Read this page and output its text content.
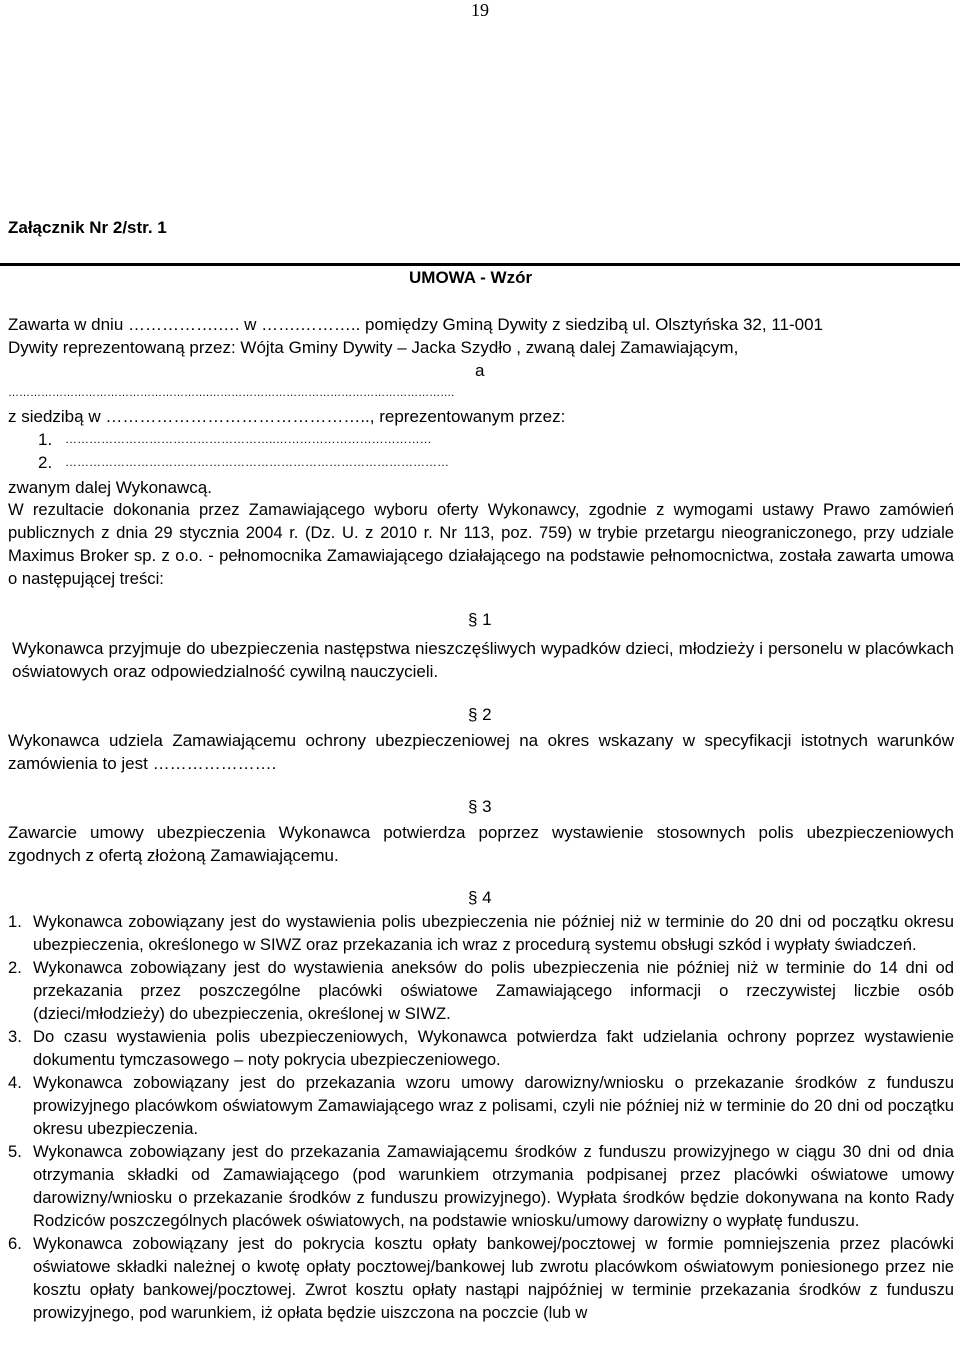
19
Załącznik Nr 2/str. 1
UMOWA - Wzór
Zawarta w dniu …………….…. w …….……….. pomiędzy Gminą Dywity z siedzibą ul. Olsztyńska 32, 11-001
Dywity reprezentowaną przez: Wójta Gminy Dywity – Jacka Szydło , zwaną dalej Zamawiającym,
a
……………………………………………….………………………………………………………….
z siedzibą w ……………………………………….., reprezentowanym przez:
1. ……………………………………………..…………………………………
2. ……………………………………………………………………………………
zwanym dalej Wykonawcą.
W rezultacie dokonania przez Zamawiającego wyboru oferty Wykonawcy, zgodnie z wymogami ustawy Prawo zamówień publicznych z dnia 29 stycznia 2004 r. (Dz. U. z 2010 r. Nr 113, poz. 759) w trybie przetargu nieograniczonego, przy udziale Maximus Broker sp. z o.o. - pełnomocnika Zamawiającego działającego na podstawie pełnomocnictwa, została zawarta umowa o następującej treści:
§ 1
Wykonawca przyjmuje do ubezpieczenia następstwa nieszczęśliwych wypadków dzieci, młodzieży i personelu w placówkach oświatowych oraz odpowiedzialność cywilną nauczycieli.
§ 2
Wykonawca udziela Zamawiającemu ochrony ubezpieczeniowej na okres wskazany w specyfikacji istotnych warunków zamówienia to jest ………………….
§ 3
Zawarcie umowy ubezpieczenia Wykonawca potwierdza poprzez wystawienie stosownych polis ubezpieczeniowych zgodnych z ofertą złożoną Zamawiającemu.
§ 4
1. Wykonawca zobowiązany jest do wystawienia polis ubezpieczenia nie później niż w terminie do 20 dni od początku okresu ubezpieczenia, określonego w SIWZ oraz przekazania ich wraz z procedurą systemu obsługi szkód i wypłaty świadczeń.
2. Wykonawca zobowiązany jest do wystawienia aneksów do polis ubezpieczenia nie później niż w terminie do 14 dni od przekazania przez poszczególne placówki oświatowe Zamawiającego informacji o rzeczywistej liczbie osób (dzieci/młodzieży) do ubezpieczenia, określonej w SIWZ.
3. Do czasu wystawienia polis ubezpieczeniowych, Wykonawca potwierdza fakt udzielania ochrony poprzez wystawienie dokumentu tymczasowego – noty pokrycia ubezpieczeniowego.
4. Wykonawca zobowiązany jest do przekazania wzoru umowy darowizny/wniosku o przekazanie środków z funduszu prowizyjnego placówkom oświatowym Zamawiającego wraz z polisami, czyli nie później niż w terminie do 20 dni od początku okresu ubezpieczenia.
5. Wykonawca zobowiązany jest do przekazania Zamawiającemu środków z funduszu prowizyjnego w ciągu 30 dni od dnia otrzymania składki od Zamawiającego (pod warunkiem otrzymania podpisanej przez placówki oświatowe umowy darowizny/wniosku o przekazanie środków z funduszu prowizyjnego). Wypłata środków będzie dokonywana na konto Rady Rodziców poszczególnych placówek oświatowych, na podstawie wniosku/umowy darowizny o wypłatę funduszu.
6. Wykonawca zobowiązany jest do pokrycia kosztu opłaty bankowej/pocztowej w formie pomniejszenia przez placówki oświatowe składki należnej o kwotę opłaty pocztowej/bankowej lub zwrotu placówkom oświatowym poniesionego przez nie kosztu opłaty bankowej/pocztowej. Zwrot kosztu opłaty nastąpi najpóźniej w terminie przekazania środków z funduszu prowizyjnego, pod warunkiem, iż opłata będzie uiszczona na poczcie (lub w
